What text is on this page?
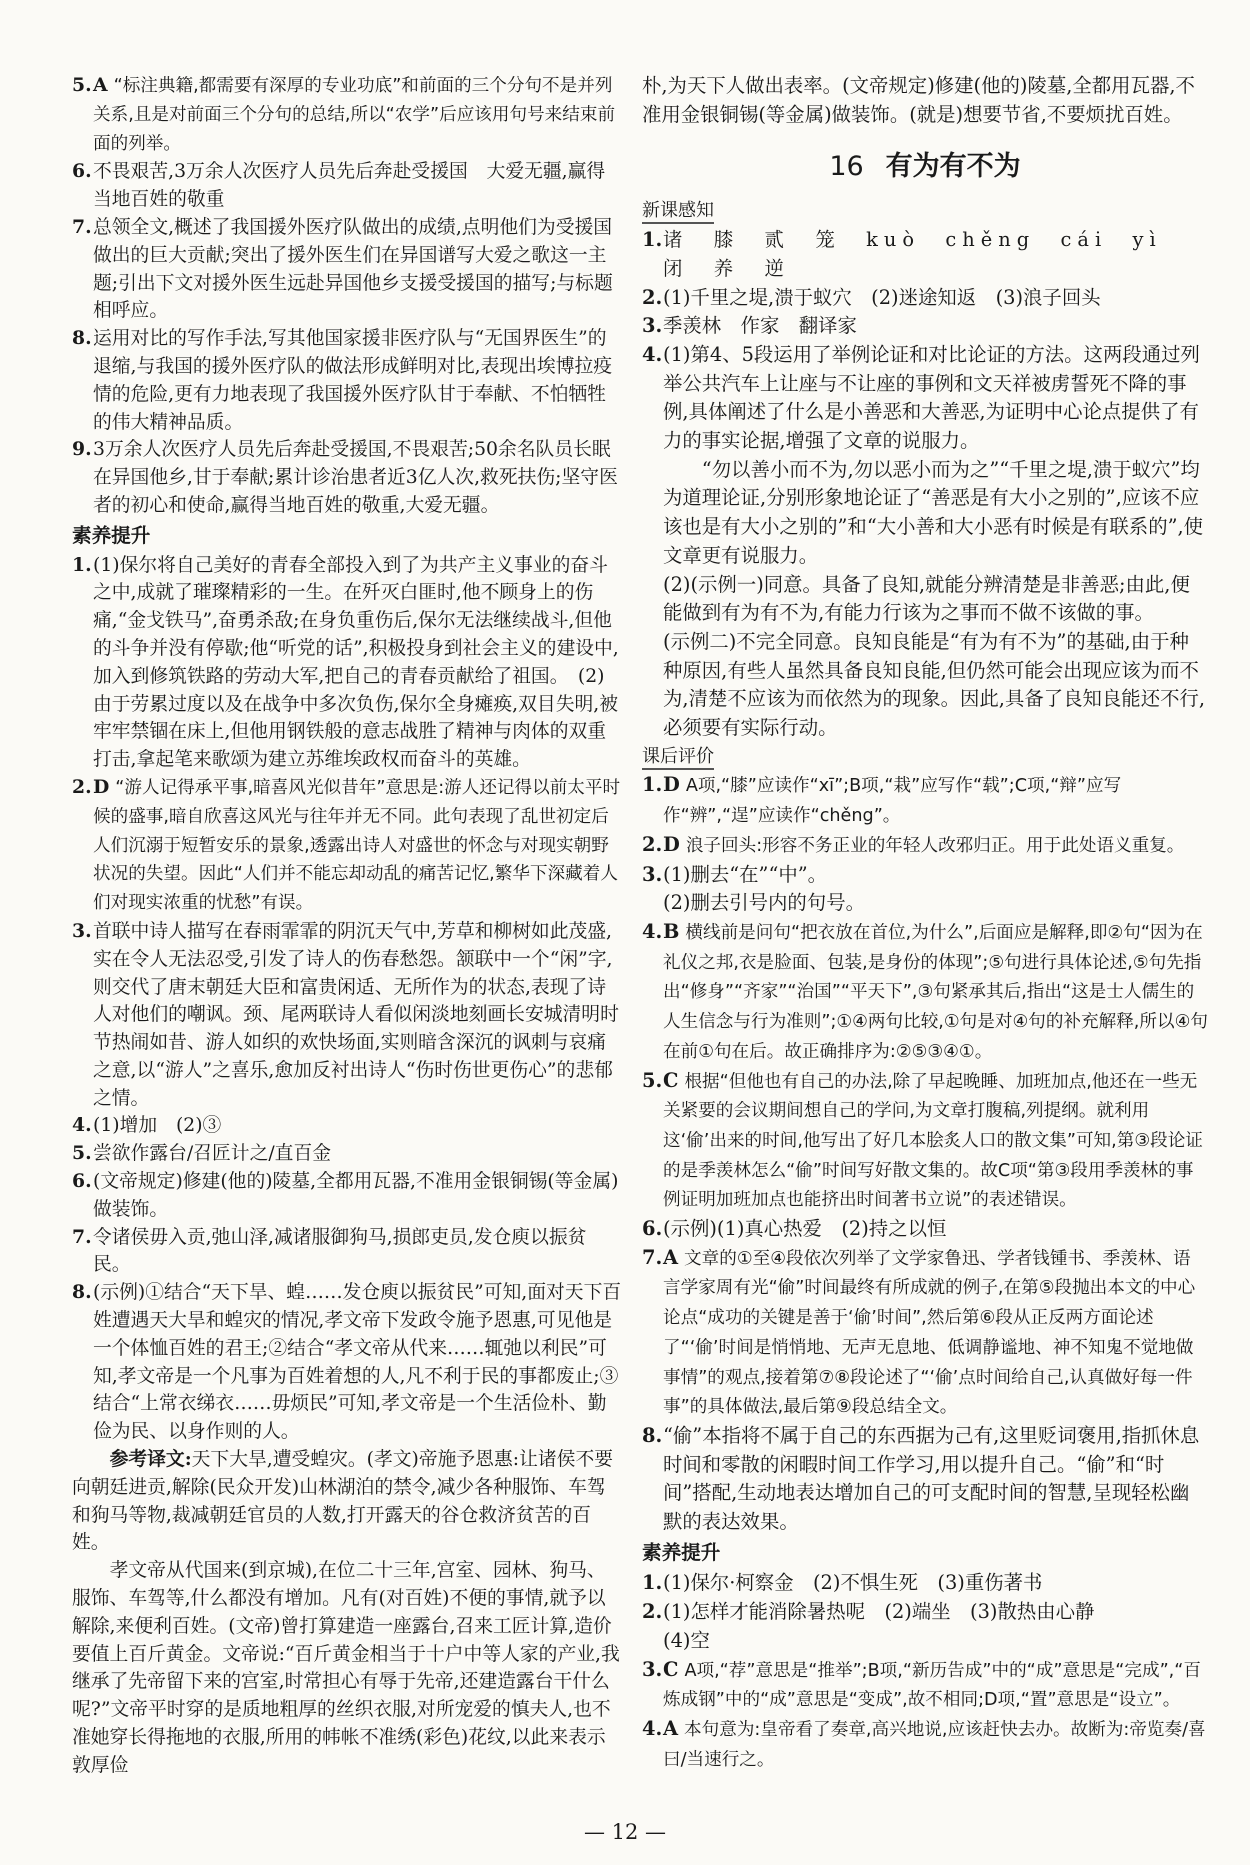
5. A “标注典籍,都需要有深厚的专业功底”和前面的三个分句不是并列关系,且是对前面三个分句的总结,所以“农学”后应该用句号来结束前面的列举。

6. 不畏艰苦,3万余人次医疗人员先后奔赴受援国　大爱无疆,赢得当地百姓的敬重

7. 总领全文,概述了我国援外医疗队做出的成绩,点明他们为受援国做出的巨大贡献;突出了援外医生们在异国谱写大爱之歌这一主题;引出下文对援外医生远赴异国他乡支援受援国的描写;与标题相呼应。

8. 运用对比的写作手法,写其他国家援非医疗队与“无国界医生”的退缩,与我国的援外医疗队的做法形成鲜明对比,表现出埃博拉疫情的危险,更有力地表现了我国援外医疗队甘于奉献、不怕牺牲的伟大精神品质。

9. 3万余人次医疗人员先后奔赴受援国,不畏艰苦;50余名队员长眠在异国他乡,甘于奉献;累计诊治患者近3亿人次,救死扶伤;坚守医者的初心和使命,赢得当地百姓的敬重,大爱无疆。

素养提升

1. (1)保尔将自己美好的青春全部投入到了为共产主义事业的奋斗之中,成就了璀璨精彩的一生。在歼灭白匪时,他不顾身上的伤痛,“金戈铁马”,奋勇杀敌;在身负重伤后,保尔无法继续战斗,但他的斗争并没有停歇;他“听党的话”,积极投身到社会主义的建设中,加入到修筑铁路的劳动大军,把自己的青春贡献给了祖国。　(2)由于劳累过度以及在战争中多次负伤,保尔全身瘫痪,双目失明,被牢牢禁锢在床上,但他用钢铁般的意志战胜了精神与肉体的双重打击,拿起笔来歌颂为建立苏维埃政权而奋斗的英雄。

2. D “游人记得承平事,暗喜风光似昔年”意思是:游人还记得以前太平时候的盛事,暗自欣喜这风光与往年并无不同。此句表现了乱世初定后人们沉溺于短暂安乐的景象,透露出诗人对盛世的怀念与对现实朝野状况的失望。因此“人们并不能忘却动乱的痛苦记忆,繁华下深藏着人们对现实浓重的忧愁”有误。

3. 首联中诗人描写在春雨霏霏的阴沉天气中,芳草和柳树如此茂盛,实在令人无法忍受,引发了诗人的伤春愁怨。颔联中一个“闲”字,则交代了唐末朝廷大臣和富贵闲适、无所作为的状态,表现了诗人对他们的嘲讽。颈、尾两联诗人看似闲淡地刻画长安城清明时节热闹如昔、游人如织的欢快场面,实则暗含深沉的讽刺与哀痛之意,以“游人”之喜乐,愈加反衬出诗人“伤时伤世更伤心”的悲郁之情。

4. (1)增加　(2)③

5. 尝欲作露台/召匠计之/直百金

6. (文帝规定)修建(他的)陵墓,全都用瓦器,不准用金银铜锡(等金属)做装饰。

7. 令诸侯毋入贡,弛山泽,减诸服御狗马,损郎吏员,发仓庾以振贫民。

8. (示例)①结合“天下旱、蝗……发仓庾以振贫民”可知,面对天下百姓遭遇天大旱和蝗灾的情况,孝文帝下发政令施予恩惠,可见他是一个体恤百姓的君王;②结合“孝文帝从代来……辄弛以利民”可知,孝文帝是一个凡事为百姓着想的人,凡不利于民的事都废止;③结合“上常衣绨衣……毋烦民”可知,孝文帝是一个生活俭朴、勤俭为民、以身作则的人。

参考译文:天下大旱,遭受蝗灾。(孝文)帝施予恩惠:让诸侯不要向朝廷进贡,解除(民众开发)山林湖泊的禁令,减少各种服饰、车驾和狗马等物,裁减朝廷官员的人数,打开露天的谷仓救济贫苦的百姓。

孝文帝从代国来(到京城),在位二十三年,宫室、园林、狗马、服饰、车驾等,什么都没有增加。凡有(对百姓)不便的事情,就予以解除,来便利百姓。(文帝)曾打算建造一座露台,召来工匠计算,造价要值上百斤黄金。文帝说:“百斤黄金相当于十户中等人家的产业,我继承了先帝留下来的宫室,时常担心有辱于先帝,还建造露台干什么呢?”文帝平时穿的是质地粗厚的丝织衣服,对所宠爱的慎夫人,也不准她穿长得拖地的衣服,所用的帏帐不准绣(彩色)花纹,以此来表示敦厚俭

朴,为天下人做出表率。(文帝规定)修建(他的)陵墓,全都用瓦器,不准用金银铜锡(等金属)做装饰。(就是)想要节省,不要烦扰百姓。

16 有为有不为
新课感知

1. 诸　膝　贰　笼　kuò　chěng　cái　yì　闭　养　逆

2. (1)千里之堤,溃于蚁穴　(2)迷途知返　(3)浪子回头

3. 季羡林　作家　翻译家

4. (1)第4、5段运用了举例论证和对比论证的方法。这两段通过列举公共汽车上让座与不让座的事例和文天祥被虏誓死不降的事例,具体阐述了什么是小善恶和大善恶,为证明中心论点提供了有力的事实论据,增强了文章的说服力。

“勿以善小而不为,勿以恶小而为之”“千里之堤,溃于蚁穴”均为道理论证,分别形象地论证了“善恶是有大小之别的”,应该不应该也是有大小之别的”和“大小善和大小恶有时候是有联系的”,使文章更有说服力。

(2)(示例一)同意。具备了良知,就能分辨清楚是非善恶;由此,便能做到有为有不为,有能力行该为之事而不做不该做的事。

(示例二)不完全同意。良知良能是“有为有不为”的基础,由于种种原因,有些人虽然具备良知良能,但仍然可能会出现应该为而不为,清楚不应该为而依然为的现象。因此,具备了良知良能还不行,必须要有实际行动。

课后评价

1. D A项,“膝”应读作“xī”;B项,“栽”应写作“载”;C项,“辩”应写作“辨”,“逞”应读作“chěng”。

2. D 浪子回头:形容不务正业的年轻人改邪归正。用于此处语义重复。

3. (1)删去“在”“中”。

(2)删去引号内的句号。

4. B 横线前是问句“把衣放在首位,为什么”,后面应是解释,即②句“因为在礼仪之邦,衣是脸面、包装,是身份的体现”;⑤句进行具体论述,⑤句先指出“修身”“齐家”“治国”“平天下”,③句紧承其后,指出“这是士人儒生的人生信念与行为准则”;①④两句比较,①句是对④句的补充解释,所以④句在前①句在后。故正确排序为:②⑤③④①。

5. C 根据“但他也有自己的办法,除了早起晚睡、加班加点,他还在一些无关紧要的会议期间想自己的学问,为文章打腹稿,列提纲。就利用这‘偷’出来的时间,他写出了好几本脍炙人口的散文集”可知,第③段论证的是季羡林怎么“偷”时间写好散文集的。故C项“第③段用季羡林的事例证明加班加点也能挤出时间著书立说”的表述错误。

6. (示例)(1)真心热爱　(2)持之以恒

7. A 文章的①至④段依次列举了文学家鲁迅、学者钱锺书、季羡林、语言学家周有光“偷”时间最终有所成就的例子,在第⑤段抛出本文的中心论点“成功的关键是善于‘偷’时间”,然后第⑥段从正反两方面论述了“‘偷’时间是悄悄地、无声无息地、低调静谧地、神不知鬼不觉地做事情”的观点,接着第⑦⑧段论述了“‘偷’点时间给自己,认真做好每一件事”的具体做法,最后第⑨段总结全文。

8. “偷”本指将不属于自己的东西据为己有,这里贬词褒用,指抓休息时间和零散的闲暇时间工作学习,用以提升自己。“偷”和“时间”搭配,生动地表达增加自己的可支配时间的智慧,呈现轻松幽默的表达效果。

素养提升

1. (1)保尔·柯察金　(2)不惧生死　(3)重伤著书

2. (1)怎样才能消除暑热呢　(2)端坐　(3)散热由心静

(4)空

3. C A项,“荐”意思是“推举”;B项,“新历告成”中的“成”意思是“完成”,“百炼成钢”中的“成”意思是“变成”,故不相同;D项,“置”意思是“设立”。

4. A 本句意为:皇帝看了奏章,高兴地说,应该赶快去办。故断为:帝览奏/喜曰/当速行之。

— 12 —
